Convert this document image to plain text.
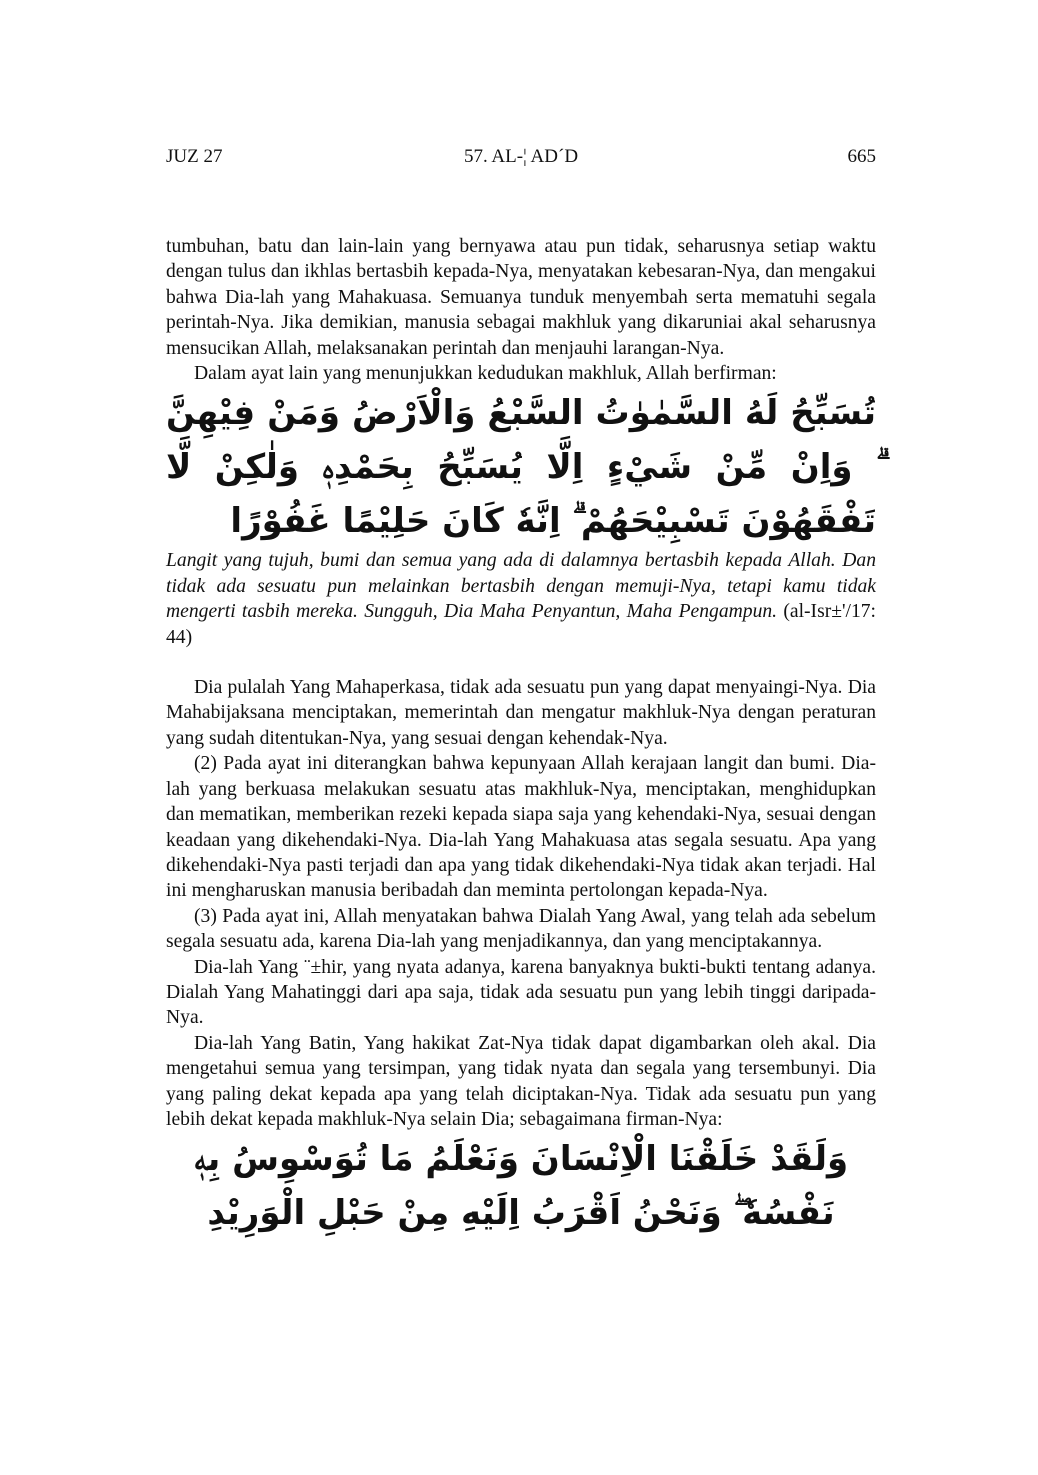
JUZ 27	57. AL-¦ AD´D	665

tumbuhan, batu dan lain-lain yang bernyawa atau pun tidak, seharusnya setiap waktu dengan tulus dan ikhlas bertasbih kepada-Nya, menyatakan kebesaran-Nya, dan mengakui bahwa Dia-lah yang Mahakuasa. Semuanya tunduk menyembah serta mematuhi segala perintah-Nya. Jika demikian, manusia sebagai makhluk yang dikaruniai akal seharusnya mensucikan Allah, melaksanakan perintah dan menjauhi larangan-Nya.

Dalam ayat lain yang menunjukkan kedudukan makhluk, Allah berfirman:

تُسَبِّحُ لَهُ السَّمٰوٰتُ السَّبْعُ وَالْاَرْضُ وَمَنْ فِيْهِنَّ ۗ وَاِنْ مِّنْ شَيْءٍ اِلَّا يُسَبِّحُ بِحَمْدِهٖ وَلٰكِنْ لَّا تَفْقَهُوْنَ تَسْبِيْحَهُمْ ۗ اِنَّهٗ كَانَ حَلِيْمًا غَفُوْرًا

Langit yang tujuh, bumi dan semua yang ada di dalamnya bertasbih kepada Allah. Dan tidak ada sesuatu pun melainkan bertasbih dengan memuji-Nya, tetapi kamu tidak mengerti tasbih mereka. Sungguh, Dia Maha Penyantun, Maha Pengampun. (al-Isr±'/17: 44)

Dia pulalah Yang Mahaperkasa, tidak ada sesuatu pun yang dapat menyaingi-Nya. Dia Mahabijaksana menciptakan, memerintah dan mengatur makhluk-Nya dengan peraturan yang sudah ditentukan-Nya, yang sesuai dengan kehendak-Nya.

(2) Pada ayat ini diterangkan bahwa kepunyaan Allah kerajaan langit dan bumi. Dia-lah yang berkuasa melakukan sesuatu atas makhluk-Nya, menciptakan, menghidupkan dan mematikan, memberikan rezeki kepada siapa saja yang kehendaki-Nya, sesuai dengan keadaan yang dikehendaki-Nya. Dia-lah Yang Mahakuasa atas segala sesuatu. Apa yang dikehendaki-Nya pasti terjadi dan apa yang tidak dikehendaki-Nya tidak akan terjadi. Hal ini mengharuskan manusia beribadah dan meminta pertolongan kepada-Nya.

(3) Pada ayat ini, Allah menyatakan bahwa Dialah Yang Awal, yang telah ada sebelum segala sesuatu ada, karena Dia-lah yang menjadikannya, dan yang menciptakannya.

Dia-lah Yang ¨±hir, yang nyata adanya, karena banyaknya bukti-bukti tentang adanya. Dialah Yang Mahatinggi dari apa saja, tidak ada sesuatu pun yang lebih tinggi daripada-Nya.

Dia-lah Yang Batin, Yang hakikat Zat-Nya tidak dapat digambarkan oleh akal. Dia mengetahui semua yang tersimpan, yang tidak nyata dan segala yang tersembunyi. Dia yang paling dekat kepada apa yang telah diciptakan-Nya. Tidak ada sesuatu pun yang lebih dekat kepada makhluk-Nya selain Dia; sebagaimana firman-Nya:

وَلَقَدْ خَلَقْنَا الْاِنْسَانَ وَنَعْلَمُ مَا تُوَسْوِسُ بِهٖ نَفْسُهٗ ۖ وَنَحْنُ اَقْرَبُ اِلَيْهِ مِنْ حَبْلِ الْوَرِيْدِ
